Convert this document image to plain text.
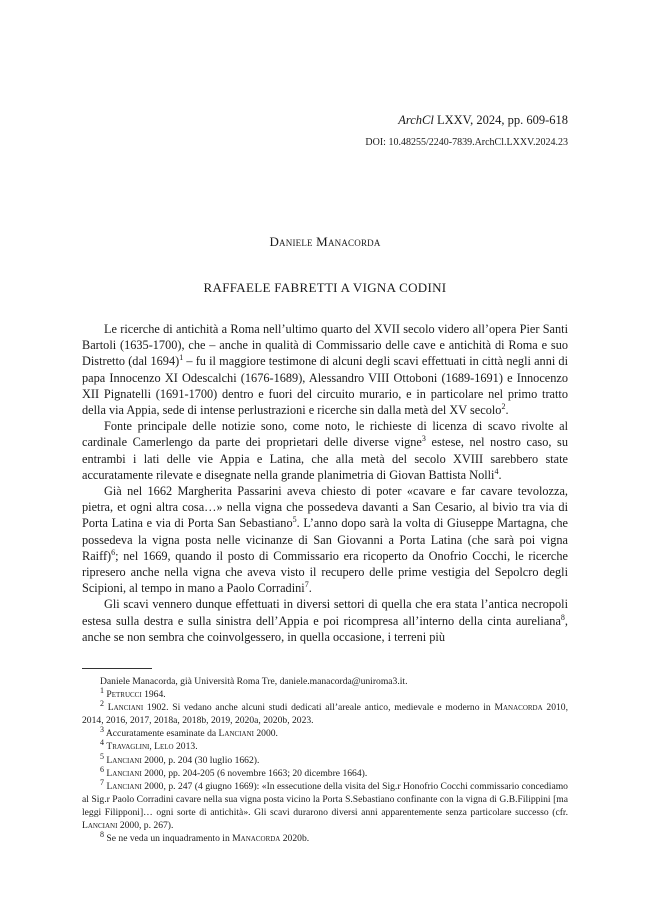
ArchCl LXXV, 2024, pp. 609-618
DOI: 10.48255/2240-7839.ArchCl.LXXV.2024.23
Daniele Manacorda
RAFFAELE FABRETTI A VIGNA CODINI

Le ricerche di antichità a Roma nell’ultimo quarto del XVII secolo videro all’opera Pier Santi Bartoli (1635-1700), che – anche in qualità di Commissario delle cave e antichità di Roma e suo Distretto (dal 1694)$^1$ – fu il maggiore testimone di alcuni degli scavi effettuati in città negli anni di papa Innocenzo XI Odescalchi (1676-1689), Alessandro VIII Ottoboni (1689-1691) e Innocenzo XII Pignatelli (1691-1700) dentro e fuori del circuito murario, e in particolare nel primo tratto della via Appia, sede di intense perlustrazioni e ricerche sin dalla metà del XV secolo$^2$.

Fonte principale delle notizie sono, come noto, le richieste di licenza di scavo rivolte al cardinale Camerlengo da parte dei proprietari delle diverse vigne$^3$ estese, nel nostro caso, su entrambi i lati delle vie Appia e Latina, che alla metà del secolo XVIII sarebbero state accuratamente rilevate e disegnate nella grande planimetria di Giovan Battista Nolli$^4$.

Già nel 1662 Margherita Passarini aveva chiesto di poter «cavare e far cavare tevolozza, pietra, et ogni altra cosa…» nella vigna che possedeva davanti a San Cesario, al bivio tra via di Porta Latina e via di Porta San Sebastiano$^5$. L’anno dopo sarà la volta di Giuseppe Martagna, che possedeva la vigna posta nelle vicinanze di San Giovanni a Porta Latina (che sarà poi vigna Raiff)$^6$; nel 1669, quando il posto di Commissario era ricoperto da Onofrio Cocchi, le ricerche ripresero anche nella vigna che aveva visto il recupero delle prime vestigia del Sepolcro degli Scipioni, al tempo in mano a Paolo Corradini$^7$.

Gli scavi vennero dunque effettuati in diversi settori di quella che era stata l’antica necropoli estesa sulla destra e sulla sinistra dell’Appia e poi ricompresa all’interno della cinta aureliana$^8$, anche se non sembra che coinvolgessero, in quella occasione, i terreni più

Daniele Manacorda, già Università Roma Tre, daniele.manacorda@uniroma3.it.

$^1$ Petrucci 1964.

$^2$ Lanciani 1902. Si vedano anche alcuni studi dedicati all’areale antico, medievale e moderno in Manacorda 2010, 2014, 2016, 2017, 2018a, 2018b, 2019, 2020a, 2020b, 2023.

$^3$ Accuratamente esaminate da Lanciani 2000.

$^4$ Travaglini, Lelo 2013.

$^5$ Lanciani 2000, p. 204 (30 luglio 1662).

$^6$ Lanciani 2000, pp. 204-205 (6 novembre 1663; 20 dicembre 1664).

$^7$ Lanciani 2000, p. 247 (4 giugno 1669): «In essecutione della visita del Sig.r Honofrio Cocchi commissario concediamo al Sig.r Paolo Corradini cavare nella sua vigna posta vicino la Porta S.Sebastiano confinante con la vigna di G.B.Filippini [ma leggi Filipponi]… ogni sorte di antichità». Gli scavi durarono diversi anni apparentemente senza particolare successo (cfr. Lanciani 2000, p. 267).

$^8$ Se ne veda un inquadramento in Manacorda 2020b.
